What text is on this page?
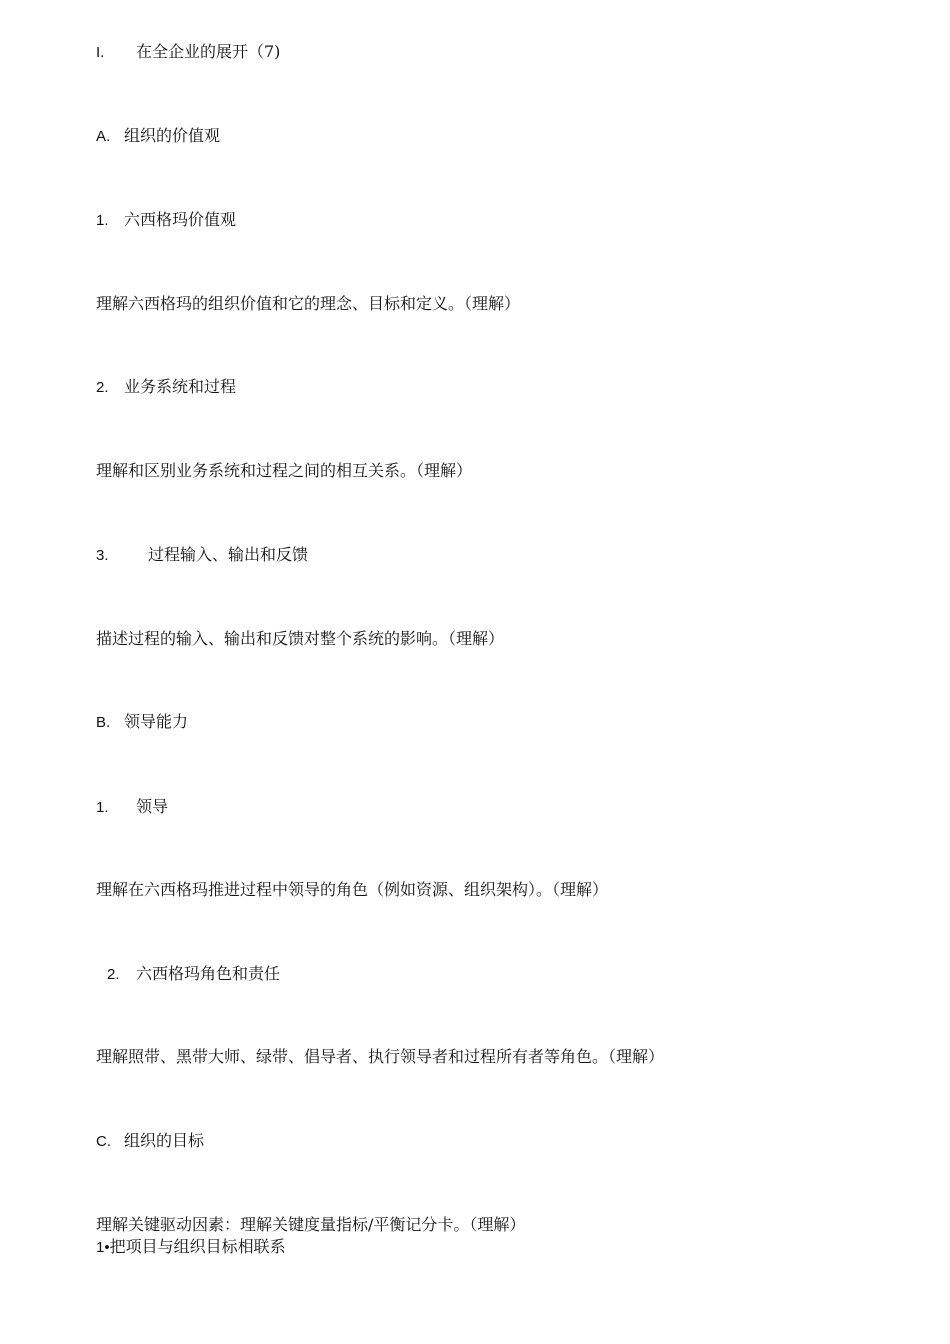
I. 在全企业的展开（7)
A. 组织的价值观
1. 六西格玛价值观
理解六西格玛的组织价值和它的理念、目标和定义。（理解）
2. 业务系统和过程
理解和区别业务系统和过程之间的相互关系。（理解）
3. 过程输入、输出和反馈
描述过程的输入、输出和反馈对整个系统的影响。（理解）
B. 领导能力
1. 领导
理解在六西格玛推进过程中领导的角色（例如资源、组织架构）。（理解）
2. 六西格玛角色和责任
理解照带、黑带大师、绿带、倡导者、执行领导者和过程所有者等角色。（理解）
C. 组织的目标
理解关键驱动因素：理解关键度量指标/平衡记分卡。（理解）
1•把项目与组织目标相联系
